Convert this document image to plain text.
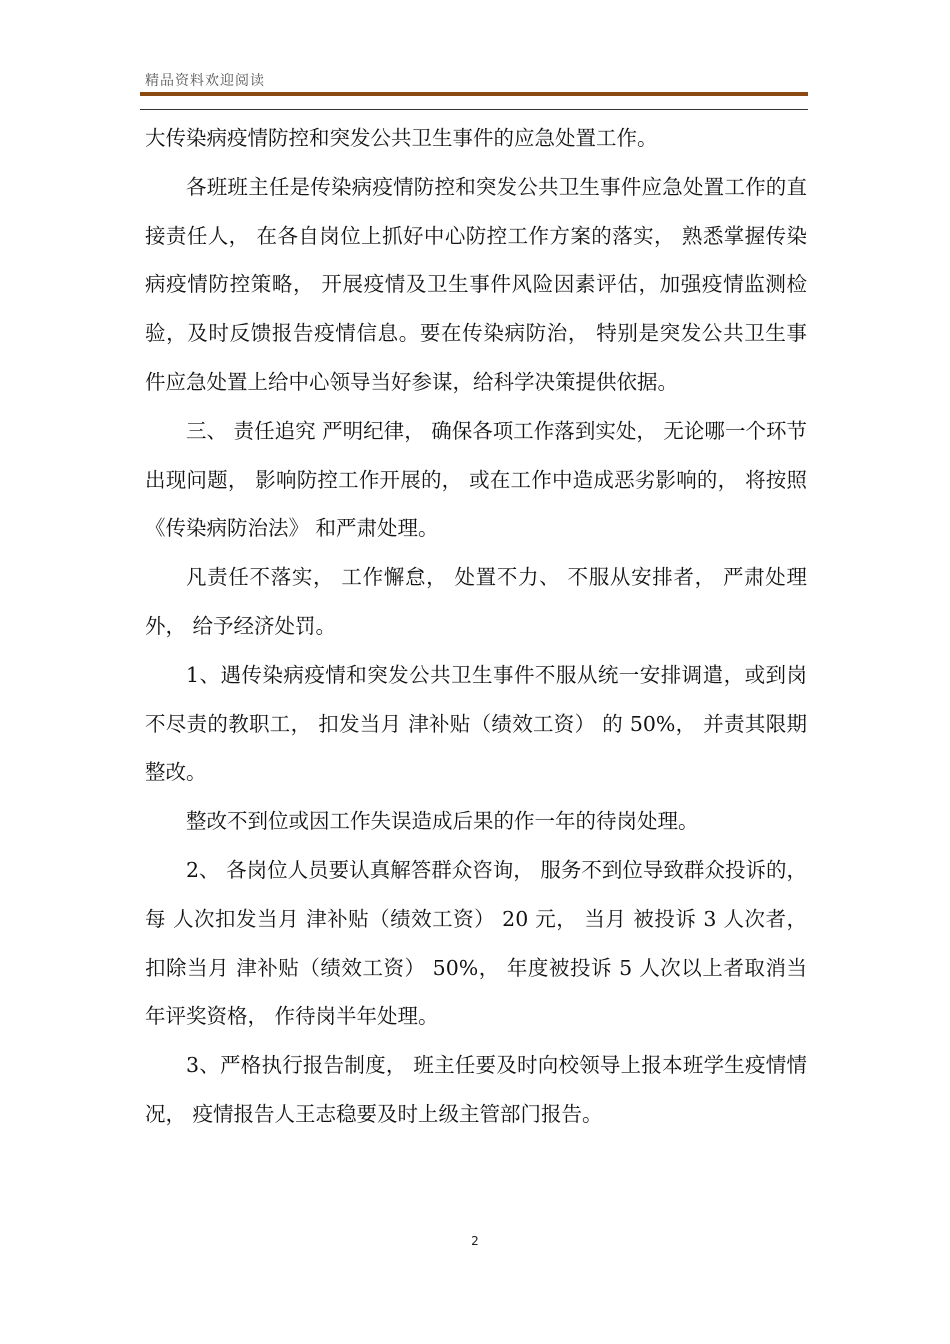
精品资料欢迎阅读

大传染病疫情防控和突发公共卫生事件的应急处置工作。

各班班主任是传染病疫情防控和突发公共卫生事件应急处置工作的直接责任人， 在各自岗位上抓好中心防控工作方案的落实， 熟悉掌握传染病疫情防控策略， 开展疫情及卫生事件风险因素评估，加强疫情监测检验，及时反馈报告疫情信息。要在传染病防治， 特别是突发公共卫生事件应急处置上给中心领导当好参谋，给科学决策提供依据。

三、 责任追究 严明纪律， 确保各项工作落到实处， 无论哪一个环节出现问题， 影响防控工作开展的， 或在工作中造成恶劣影响的， 将按照《传染病防治法》 和严肃处理。

凡责任不落实， 工作懈怠， 处置不力、 不服从安排者， 严肃处理外， 给予经济处罚。

1、遇传染病疫情和突发公共卫生事件不服从统一安排调遣，或到岗不尽责的教职工， 扣发当月 津补贴（绩效工资） 的 50%， 并责其限期整改。

整改不到位或因工作失误造成后果的作一年的待岗处理。

2、 各岗位人员要认真解答群众咨询， 服务不到位导致群众投诉的， 每 人次扣发当月 津补贴（绩效工资） 20 元， 当月 被投诉 3 人次者， 扣除当月 津补贴（绩效工资） 50%， 年度被投诉 5 人次以上者取消当年评奖资格， 作待岗半年处理。

3、严格执行报告制度， 班主任要及时向校领导上报本班学生疫情情况， 疫情报告人王志稳要及时上级主管部门报告。

2
